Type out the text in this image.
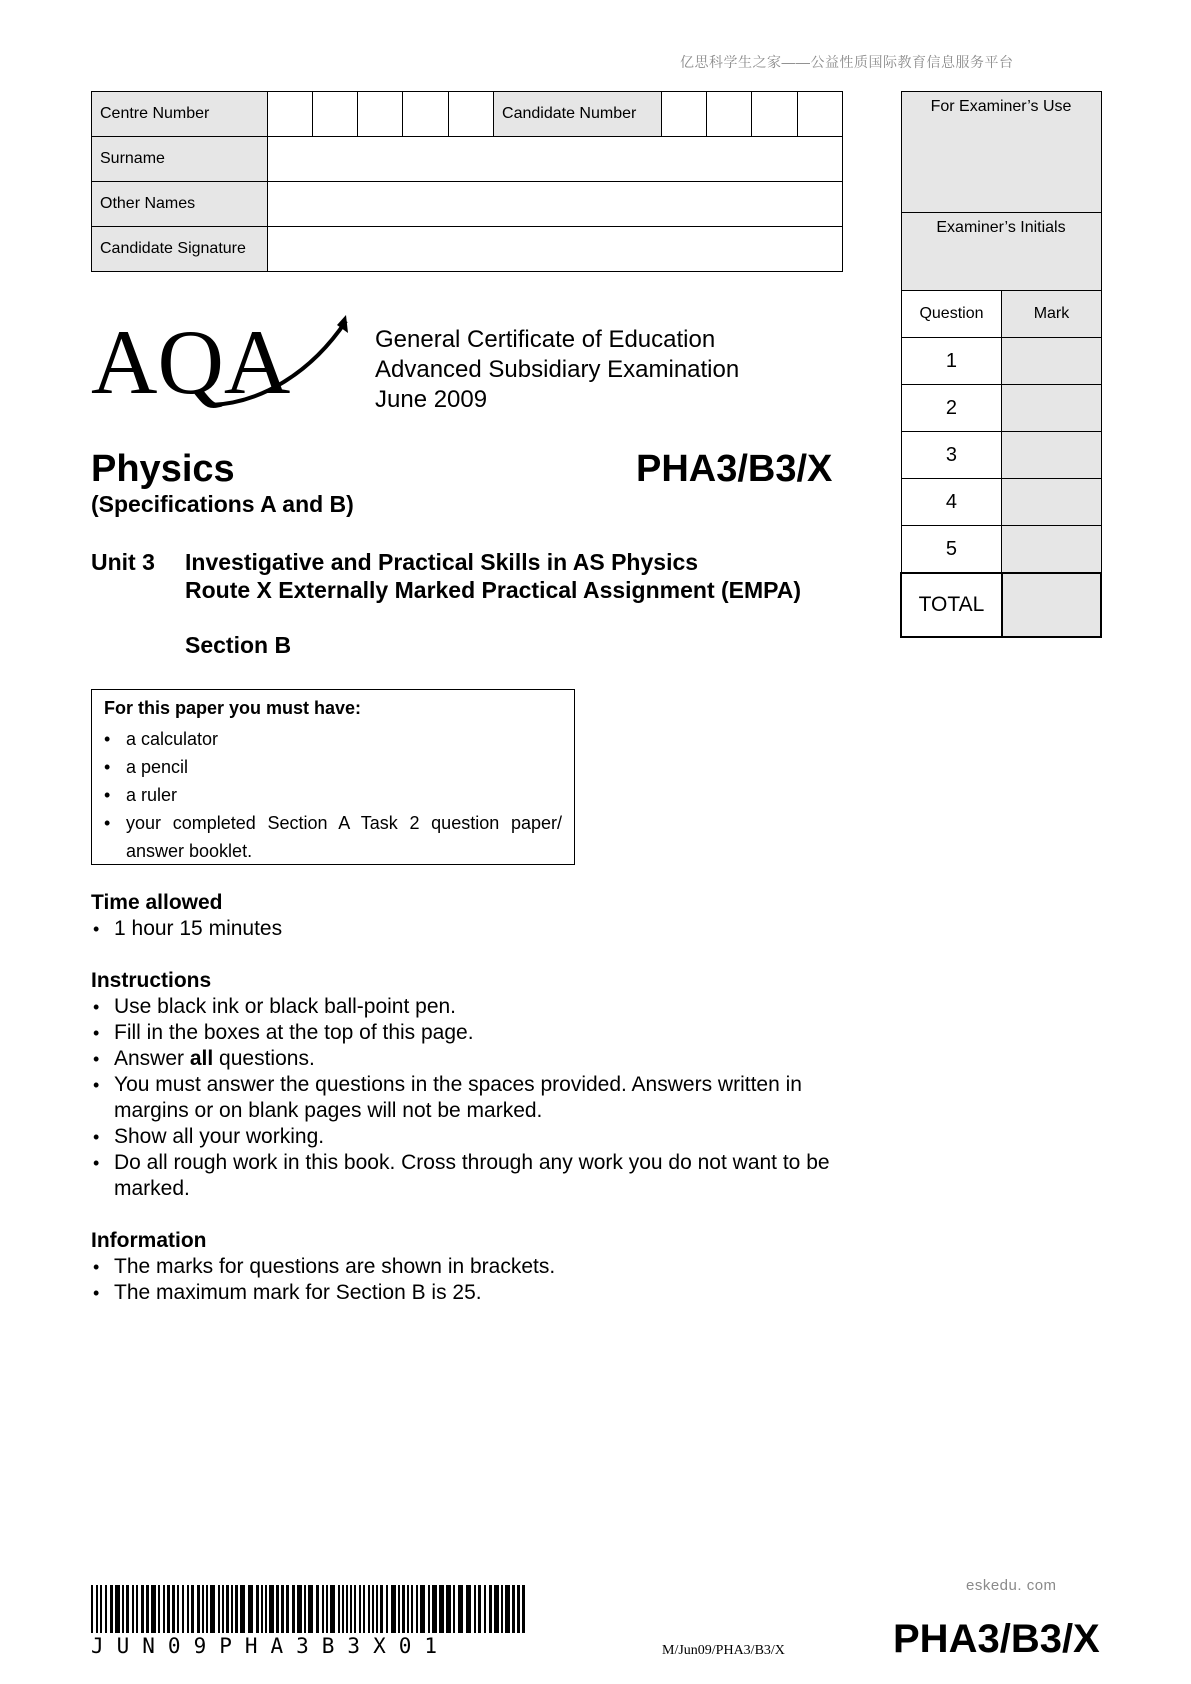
亿思科学生之家——公益性质国际教育信息服务平台
Centre Number						Candidate Number				
Surname										
Other Names										
Candidate Signature										
For Examiner’s Use	
Examiner’s Initials	
Question	Mark
1	
2	
3	
4	
5	
TOTAL	
AQA	General Certificate of Education
Advanced Subsidiary Examination
June 2009
Physics	PHA3/B3/X
(Specifications A and B)
Unit 3 Investigative and Practical Skills in AS Physics
Route X Externally Marked Practical Assignment (EMPA)
Section B
For this paper you must have:
• a calculator
• a pencil
• a ruler
• your completed Section A Task 2 question paper/ answer booklet.
Time allowed
• 1 hour 15 minutes
Instructions
• Use black ink or black ball-point pen.
• Fill in the boxes at the top of this page.
• Answer all questions.
• You must answer the questions in the spaces provided. Answers written in margins or on blank pages will not be marked.
• Show all your working.
• Do all rough work in this book. Cross through any work you do not want to be marked.
Information
• The marks for questions are shown in brackets.
• The maximum mark for Section B is 25.
JUN09PHA3B3X01
eskedu. com
M/Jun09/PHA3/B3/X	PHA3/B3/X
